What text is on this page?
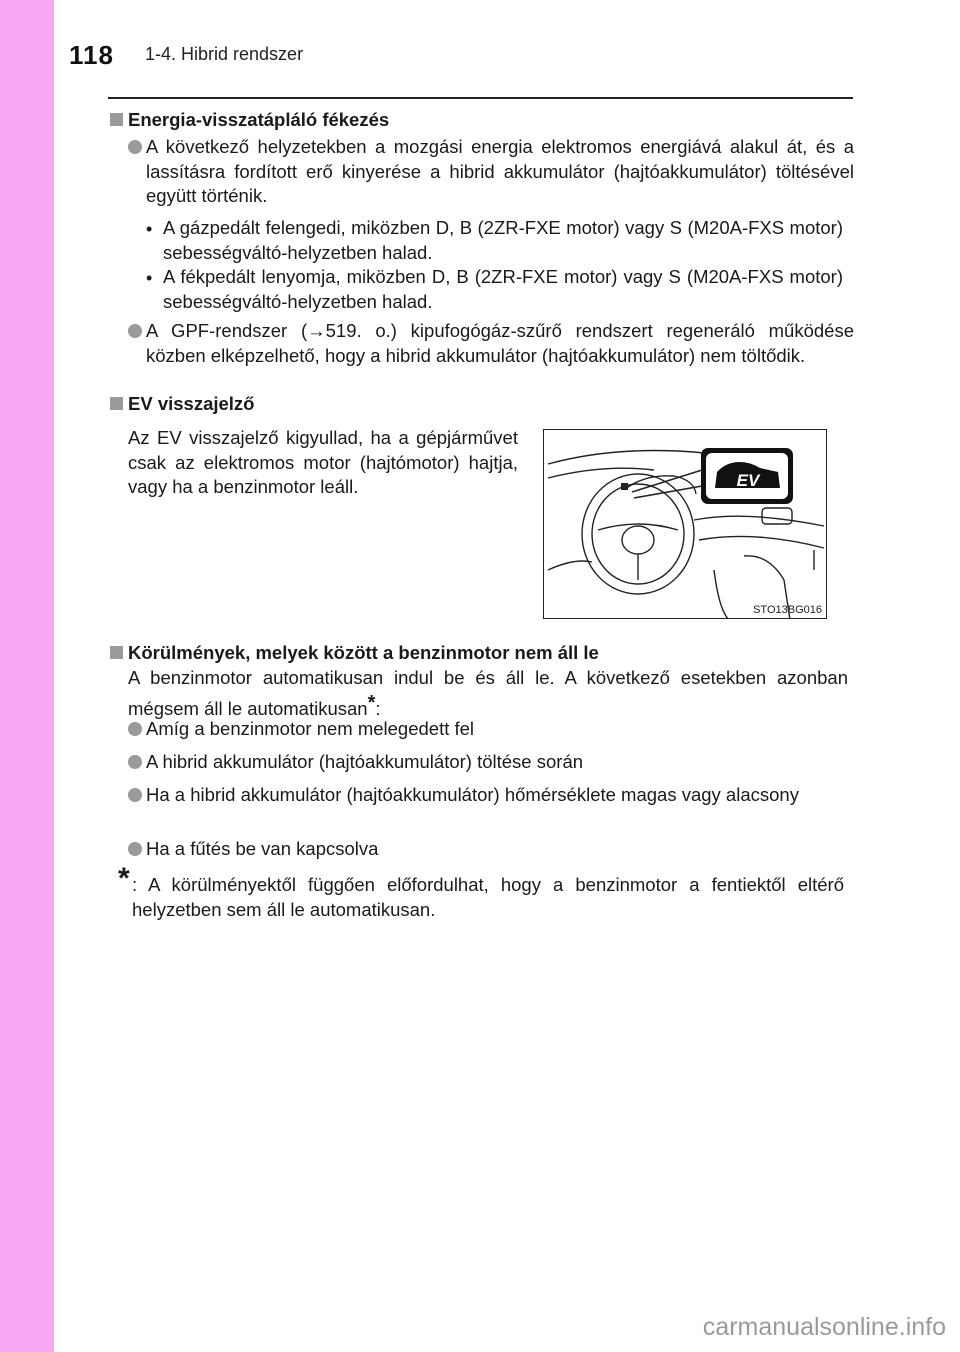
118 1-4. Hibrid rendszer
Energia-visszatápláló fékezés
A következő helyzetekben a mozgási energia elektromos energiává alakul át, és a lassításra fordított erő kinyerése a hibrid akkumulátor (hajtóakkumulátor) töltésével együtt történik.
• A gázpedált felengedi, miközben D, B (2ZR-FXE motor) vagy S (M20A-FXS motor) sebességváltó-helyzetben halad.
• A fékpedált lenyomja, miközben D, B (2ZR-FXE motor) vagy S (M20A-FXS motor) sebességváltó-helyzetben halad.
A GPF-rendszer (→519. o.) kipufogógáz-szűrő rendszert regeneráló működése közben elképzelhető, hogy a hibrid akkumulátor (hajtóakkumulátor) nem töltődik.
EV visszajelző
Az EV visszajelző kigyullad, ha a gépjárművet csak az elektromos motor (hajtómotor) hajtja, vagy ha a benzinmotor leáll.	EV
STO13BG016
Körülmények, melyek között a benzinmotor nem áll le
A benzinmotor automatikusan indul be és áll le. A következő esetekben azonban mégsem áll le automatikusan*:
Amíg a benzinmotor nem melegedett fel
A hibrid akkumulátor (hajtóakkumulátor) töltése során
Ha a hibrid akkumulátor (hajtóakkumulátor) hőmérséklete magas vagy alacsony
Ha a fűtés be van kapcsolva
* : A körülményektől függően előfordulhat, hogy a benzinmotor a fentiektől eltérő helyzetben sem áll le automatikusan.
carmanualsonline.info
